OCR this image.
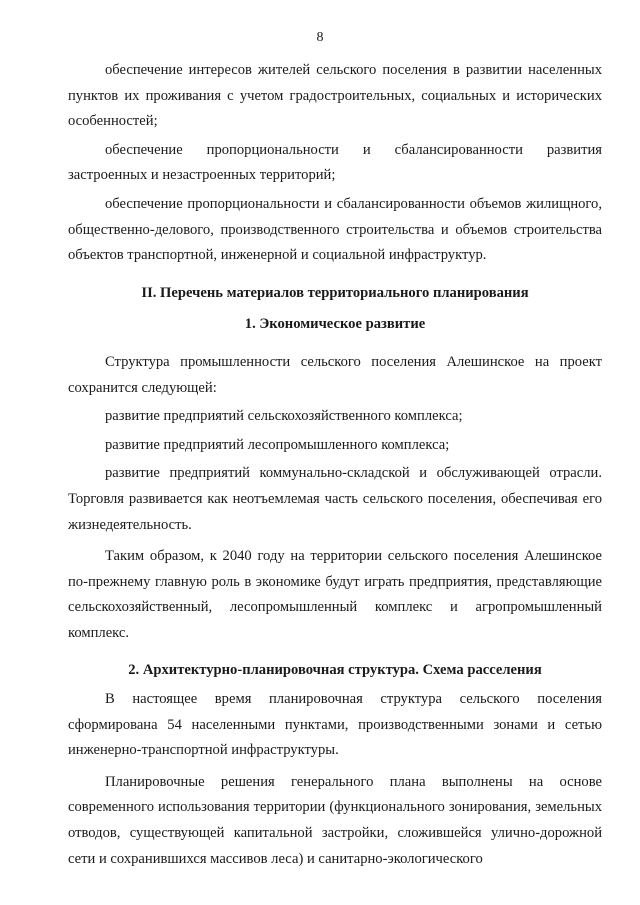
8

обеспечение интересов жителей сельского поселения в развитии населенных пунктов их проживания с учетом градостроительных, социальных и исторических особенностей;

обеспечение пропорциональности и сбалансированности развития застроенных и незастроенных территорий;

обеспечение пропорциональности и сбалансированности объемов жилищного, общественно-делового, производственного строительства и объемов строительства объектов транспортной, инженерной и социальной инфраструктур.

II. Перечень материалов территориального планирования

1. Экономическое развитие

Структура промышленности сельского поселения Алешинское на проект сохранится следующей:

развитие предприятий сельскохозяйственного комплекса;

развитие предприятий лесопромышленного комплекса;

развитие предприятий коммунально-складской и обслуживающей отрасли. Торговля развивается как неотъемлемая часть сельского поселения, обеспечивая его жизнедеятельность.

Таким образом, к 2040 году на территории сельского поселения Алешинское по-прежнему главную роль в экономике будут играть предприятия, представляющие сельскохозяйственный, лесопромышленный комплекс и агропромышленный комплекс.

2. Архитектурно-планировочная структура. Схема расселения

В настоящее время планировочная структура сельского поселения сформирована 54 населенными пунктами, производственными зонами и сетью инженерно-транспортной инфраструктуры.

Планировочные решения генерального плана выполнены на основе современного использования территории (функционального зонирования, земельных отводов, существующей капитальной застройки, сложившейся улично-дорожной сети и сохранившихся массивов леса) и санитарно-экологического
